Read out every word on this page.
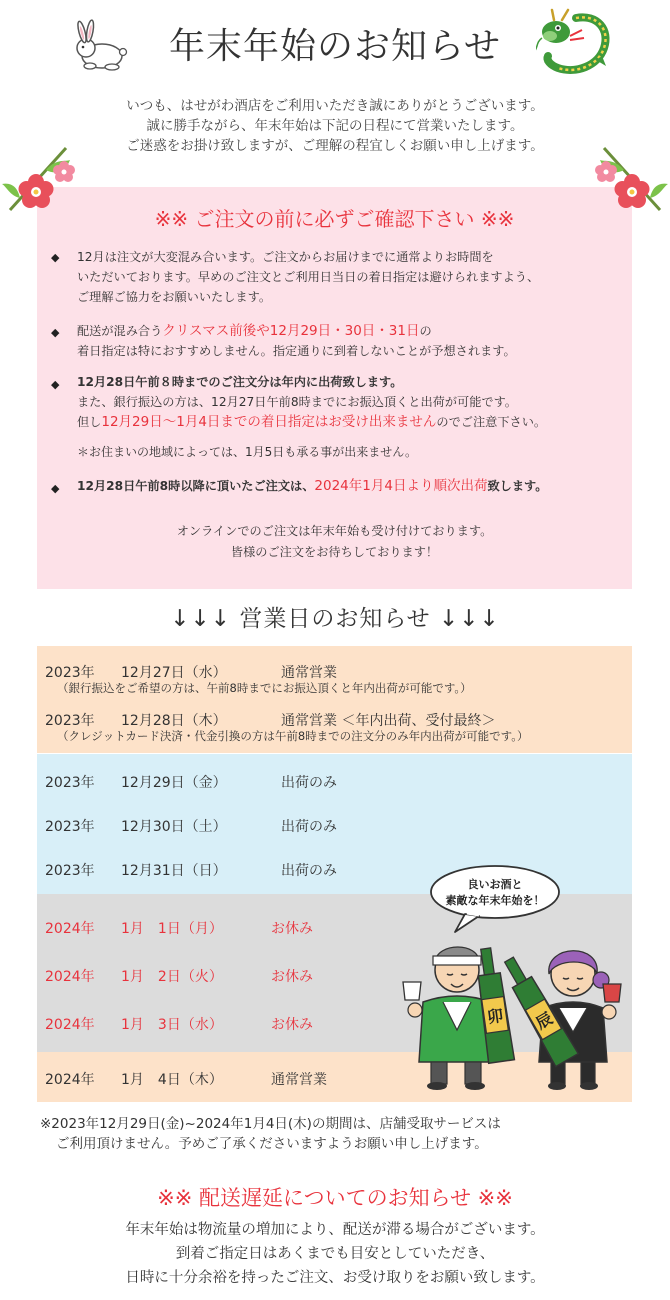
年末年始のお知らせ
いつも、はせがわ酒店をご利用いただき誠にありがとうございます。
誠に勝手ながら、年末年始は下記の日程にて営業いたします。
ご迷惑をお掛け致しますが、ご理解の程宜しくお願い申し上げます。
※※ ご注文の前に必ずご確認下さい ※※
◆ 12月は注文が大変混み合います。ご注文からお届けまでに通常よりお時間を
いただいております。早めのご注文とご利用日当日の着日指定は避けられますよう、
ご理解ご協力をお願いいたします。
◆ 配送が混み合うクリスマス前後や12月29日・30日・31日の
着日指定は特におすすめしません。指定通りに到着しないことが予想されます。
◆ 12月28日午前８時までのご注文分は年内に出荷致します。
また、銀行振込の方は、12月27日午前8時までにお振込頂くと出荷が可能です。
但し12月29日～1月4日までの着日指定はお受け出来ませんのでご注意下さい。
＊お住まいの地域によっては、1月5日も承る事が出来ません。
◆ 12月28日午前8時以降に頂いたご注文は、2024年1月4日より順次出荷致します。
オンラインでのご注文は年末年始も受け付けております。
皆様のご注文をお待ちしております！
↓↓↓ 営業日のお知らせ ↓↓↓
2023年 12月27日（水）	通常営業
（銀行振込をご希望の方は、午前8時までにお振込頂くと年内出荷が可能です。）
2023年 12月28日（木）	通常営業 ＜年内出荷、受付最終＞
（クレジットカード決済・代金引換の方は午前8時までの注文分のみ年内出荷が可能です。）
2023年 12月29日（金）	出荷のみ
2023年 12月30日（土）	出荷のみ
2023年 12月31日（日）	出荷のみ
2024年 1月　1日（月）	お休み
2024年 1月　2日（火）	お休み
2024年 1月　3日（水）	お休み
2024年 1月　4日（木）	通常営業
良いお酒と
素敵な年末年始を！
卯 辰
※2023年12月29日(金)~2024年1月4日(木)の期間は、店舗受取サービスは
ご利用頂けません。予めご了承くださいますようお願い申し上げます。
※※ 配送遅延についてのお知らせ ※※
年末年始は物流量の増加により、配送が滞る場合がございます。
到着ご指定日はあくまでも目安としていただき、
日時に十分余裕を持ったご注文、お受け取りをお願い致します。
